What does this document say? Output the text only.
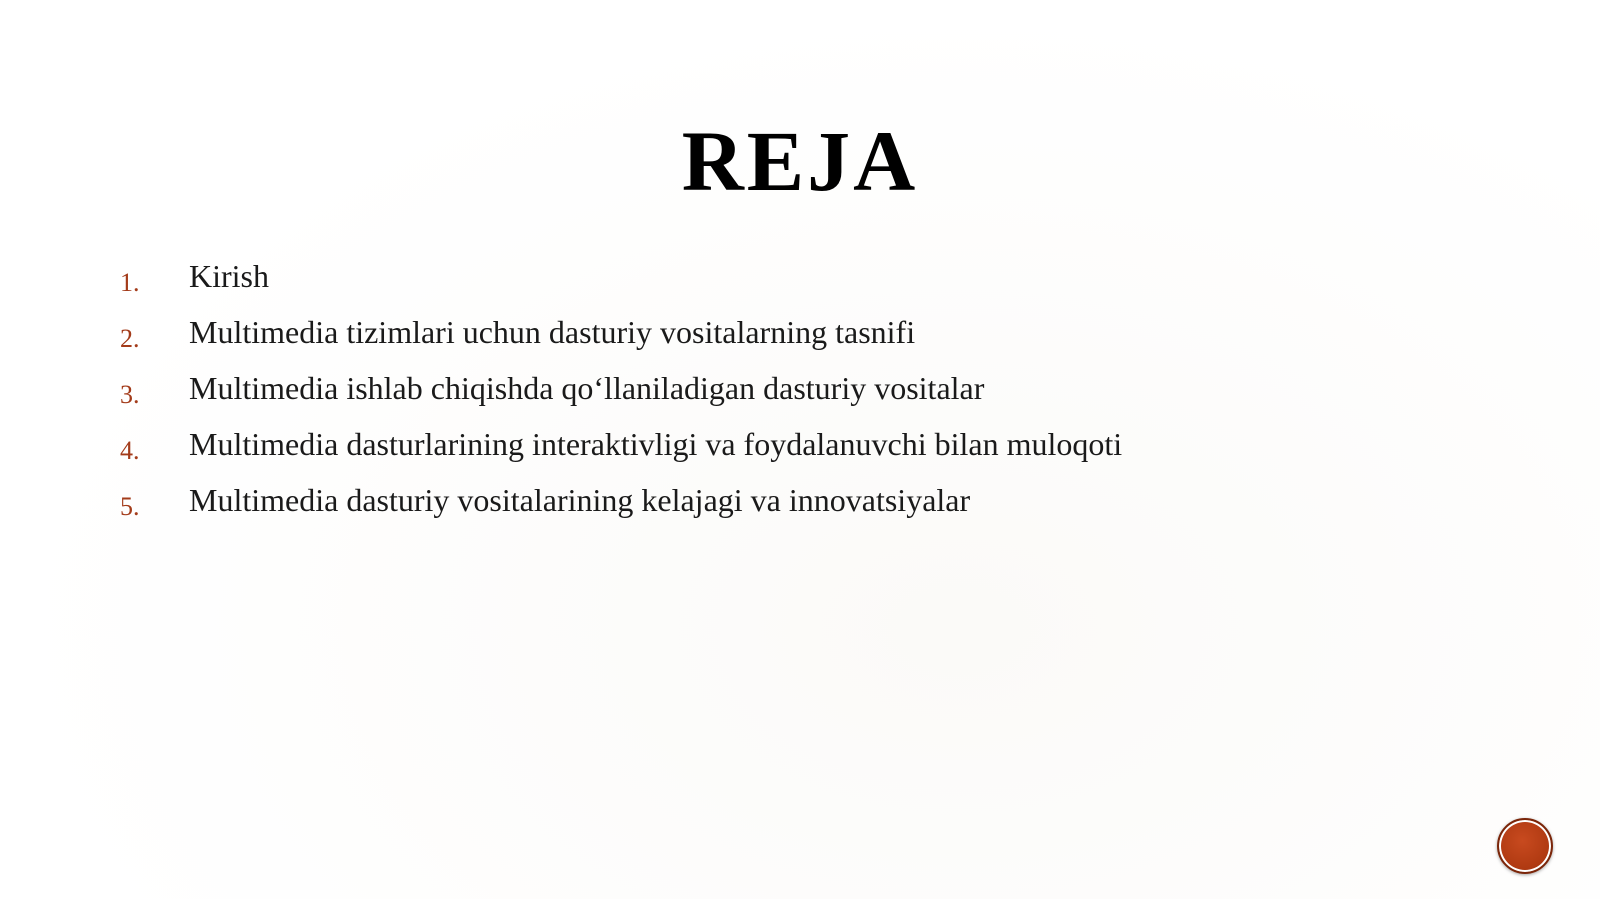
REJA
1. Kirish
2. Multimedia tizimlari uchun dasturiy vositalarning tasnifi
3. Multimedia ishlab chiqishda qo‘llaniladigan dasturiy vositalar
4. Multimedia dasturlarining interaktivligi va foydalanuvchi bilan muloqoti
5. Multimedia dasturiy vositalarining kelajagi va innovatsiyalar
